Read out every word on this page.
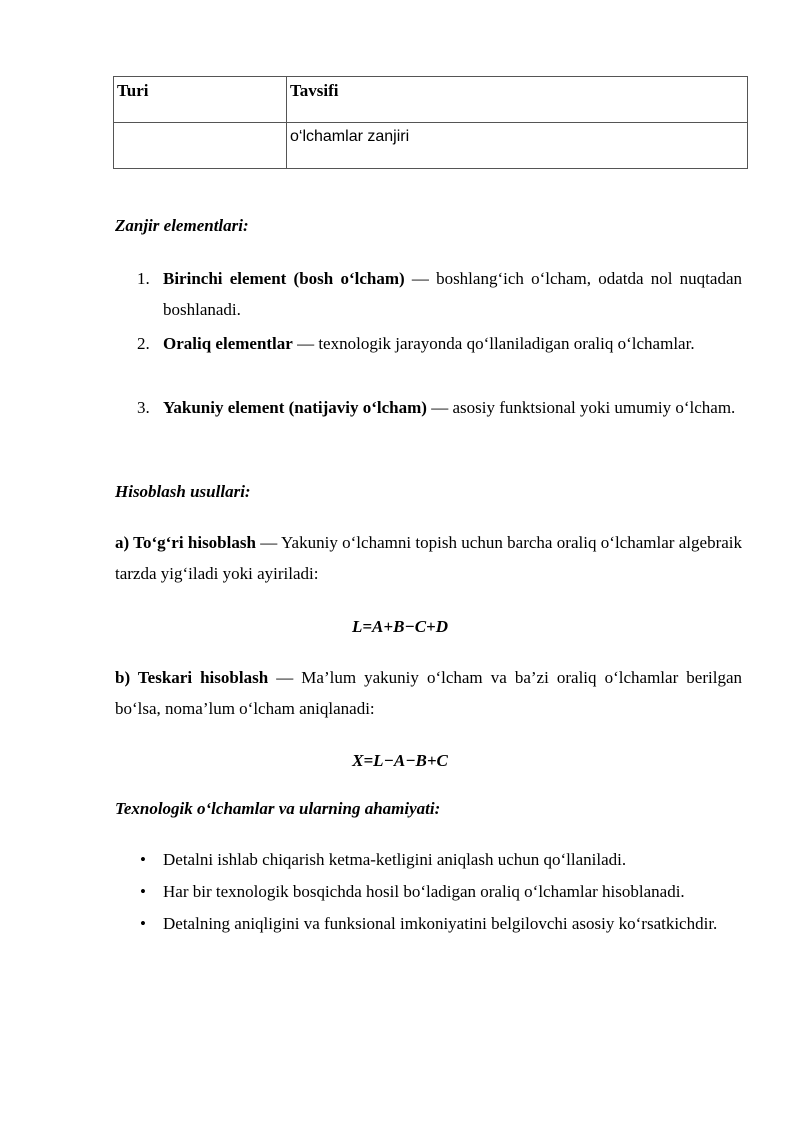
Turi	Tavsifi
	o‘lchamlar zanjiri
Zanjir elementlari:
1. Birinchi element (bosh o‘lcham) — boshlang‘ich o‘lcham, odatda nol nuqtadan boshlanadi.
2. Oraliq elementlar — texnologik jarayonda qo‘llaniladigan oraliq o‘lchamlar.
3. Yakuniy element (natijaviy o‘lcham) — asosiy funktsional yoki umumiy o‘lcham.
Hisoblash usullari:
a) To‘g‘ri hisoblash — Yakuniy o‘lchamni topish uchun barcha oraliq o‘lchamlar algebraik tarzda yig‘iladi yoki ayiriladi:
L=A+B−C+D
b) Teskari hisoblash — Ma’lum yakuniy o‘lcham va ba’zi oraliq o‘lchamlar berilgan bo‘lsa, noma’lum o‘lcham aniqlanadi:
X=L−A−B+C
Texnologik o‘lchamlar va ularning ahamiyati:
• Detalni ishlab chiqarish ketma-ketligini aniqlash uchun qo‘llaniladi.
• Har bir texnologik bosqichda hosil bo‘ladigan oraliq o‘lchamlar hisoblanadi.
• Detalning aniqligini va funksional imkoniyatini belgilovchi asosiy ko‘rsatkichdir.
